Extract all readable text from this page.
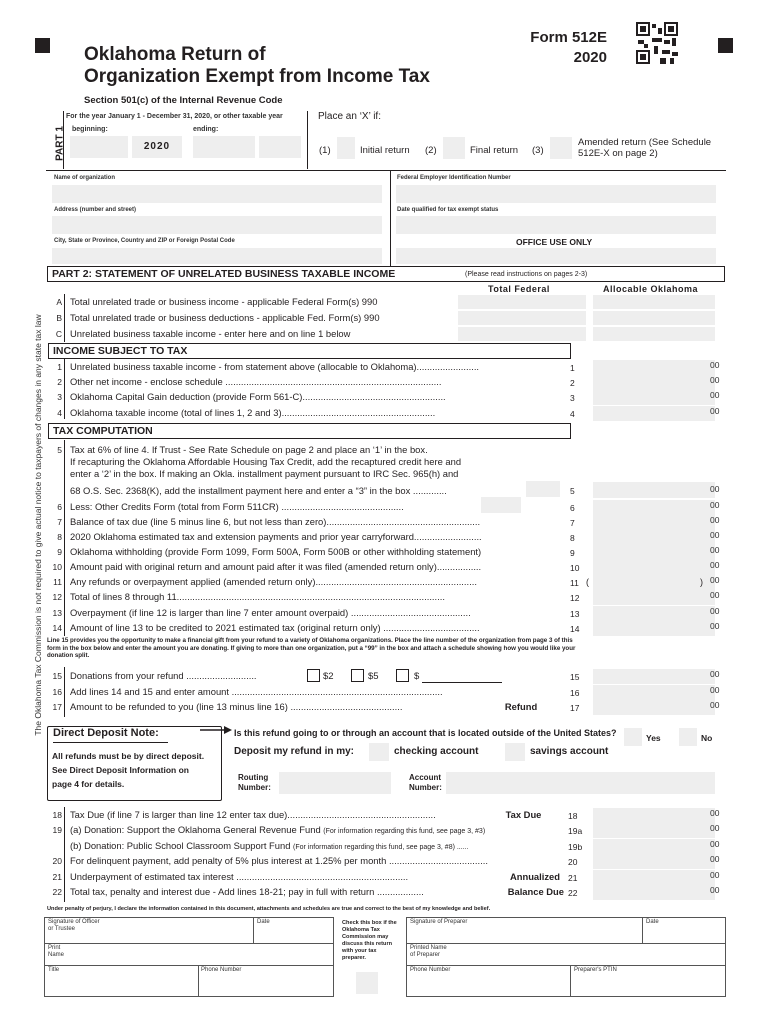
Form 512E
2020
Oklahoma Return of
Organization Exempt from Income Tax
Section 501(c) of the Internal Revenue Code
PART 1
For the year January 1 - December 31, 2020, or other taxable year
beginning:	ending:
2020
Place an ‘X’ if:
(1)	Initial return (2)	Final return (3)
Amended return (See Schedule 512E-X on page 2)
Name of organization	Federal Employer Identification Number
Address (number and street)	Date qualified for tax exempt status
City, State or Province, Country and ZIP or Foreign Postal Code	OFFICE USE ONLY
The Oklahoma Tax Commission is not required to give actual notice to taxpayers of changes in any state tax law
PART 2: STATEMENT OF UNRELATED BUSINESS TAXABLE INCOME	(Please read instructions on pages 2-3)
Total Federal	Allocable Oklahoma
A Total unrelated trade or business income - applicable Federal Form(s) 990
B Total unrelated trade or business deductions - applicable Fed. Form(s) 990
C Unrelated business taxable income - enter here and on line 1 below
INCOME SUBJECT TO TAX
1 Unrelated business taxable income - from statement above (allocable to Oklahoma)........................	1	00
2 Other net income - enclose schedule ...................................................................................	2	00
3 Oklahoma Capital Gain deduction (provide Form 561-C).......................................................	3	00
4 Oklahoma taxable income (total of lines 1, 2 and 3)...........................................................	4	00
TAX COMPUTATION
5 Tax at 6% of line 4. If Trust - See Rate Schedule on page 2 and place an ‘1’ in the box.
If recapturing the Oklahoma Affordable Housing Tax Credit, add the recaptured credit here and
enter a ‘2’ in the box. If making an Okla. installment payment pursuant to IRC Sec. 965(h) and
68 O.S. Sec. 2368(K), add the installment payment here and enter a “3” in the box .............	5	00
6 Less: Other Credits Form (total from Form 511CR) ...............................................	6	00
7 Balance of tax due (line 5 minus line 6, but not less than zero)...........................................................	7	00
8 2020 Oklahoma estimated tax and extension payments and prior year carryforward..........................	8	00
9 Oklahoma withholding (provide Form 1099, Form 500A, Form 500B or other withholding statement)	9	00
10 Amount paid with original return and amount paid after it was filed (amended return only).................	10	00
11 Any refunds or overpayment applied (amended return only)..............................................................	11	00
12 Total of lines 8 through 11.......................................................................................................	12	00
13 Overpayment (if line 12 is larger than line 7 enter amount overpaid) ..............................................	13	00
14 Amount of line 13 to be credited to 2021 estimated tax (original return only) .....................................	14	00
(	)
Line 15 provides you the opportunity to make a financial gift from your refund to a variety of Oklahoma organizations. Place the line number of the organization from page 3 of this form in the box below and enter the amount you are donating. If giving to more than one organization, put a “99” in the box and attach a schedule showing how you would like your donation split.
15 Donations from your refund ...........................	15	00
16 Add lines 14 and 15 and enter amount .................................................................................	16	00
17 Amount to be refunded to you (line 13 minus line 16) ...........................................	Refund	17	00
$2	$5	$
Direct Deposit Note:
All refunds must be by direct deposit.
See Direct Deposit Information on
page 4 for details.
Is this refund going to or through an account that is located outside of the United States?	Yes	No
Deposit my refund in my:	checking account	savings account
Routing
Number:
Account
Number:
18 Tax Due (if line 7 is larger than line 12 enter tax due).........................................................	Tax Due	18	00
19 (a) Donation: Support the Oklahoma General Revenue Fund (For information regarding this fund, see page 3, #3)	19a	00
(b) Donation: Public School Classroom Support Fund (For information regarding this fund, see page 3, #8) ......	19b	00
20 For delinquent payment, add penalty of 5% plus interest at 1.25% per month ......................................	20	00
21 Underpayment of estimated tax interest ..................................................................	Annualized 21	00
22 Total tax, penalty and interest due - Add lines 18-21; pay in full with return ..................	Balance Due 22	00
Under penalty of perjury, I declare the information contained in this document, attachments and schedules are true and correct to the best of my knowledge and belief.
Signature of Officer
or Trustee
Date
Print
Name
Title	Phone Number
Check this box if the Oklahoma Tax Commission may discuss this return with your tax preparer.
Signature of Preparer	Date
Printed Name
of Preparer
Phone Number	Preparer's PTIN
